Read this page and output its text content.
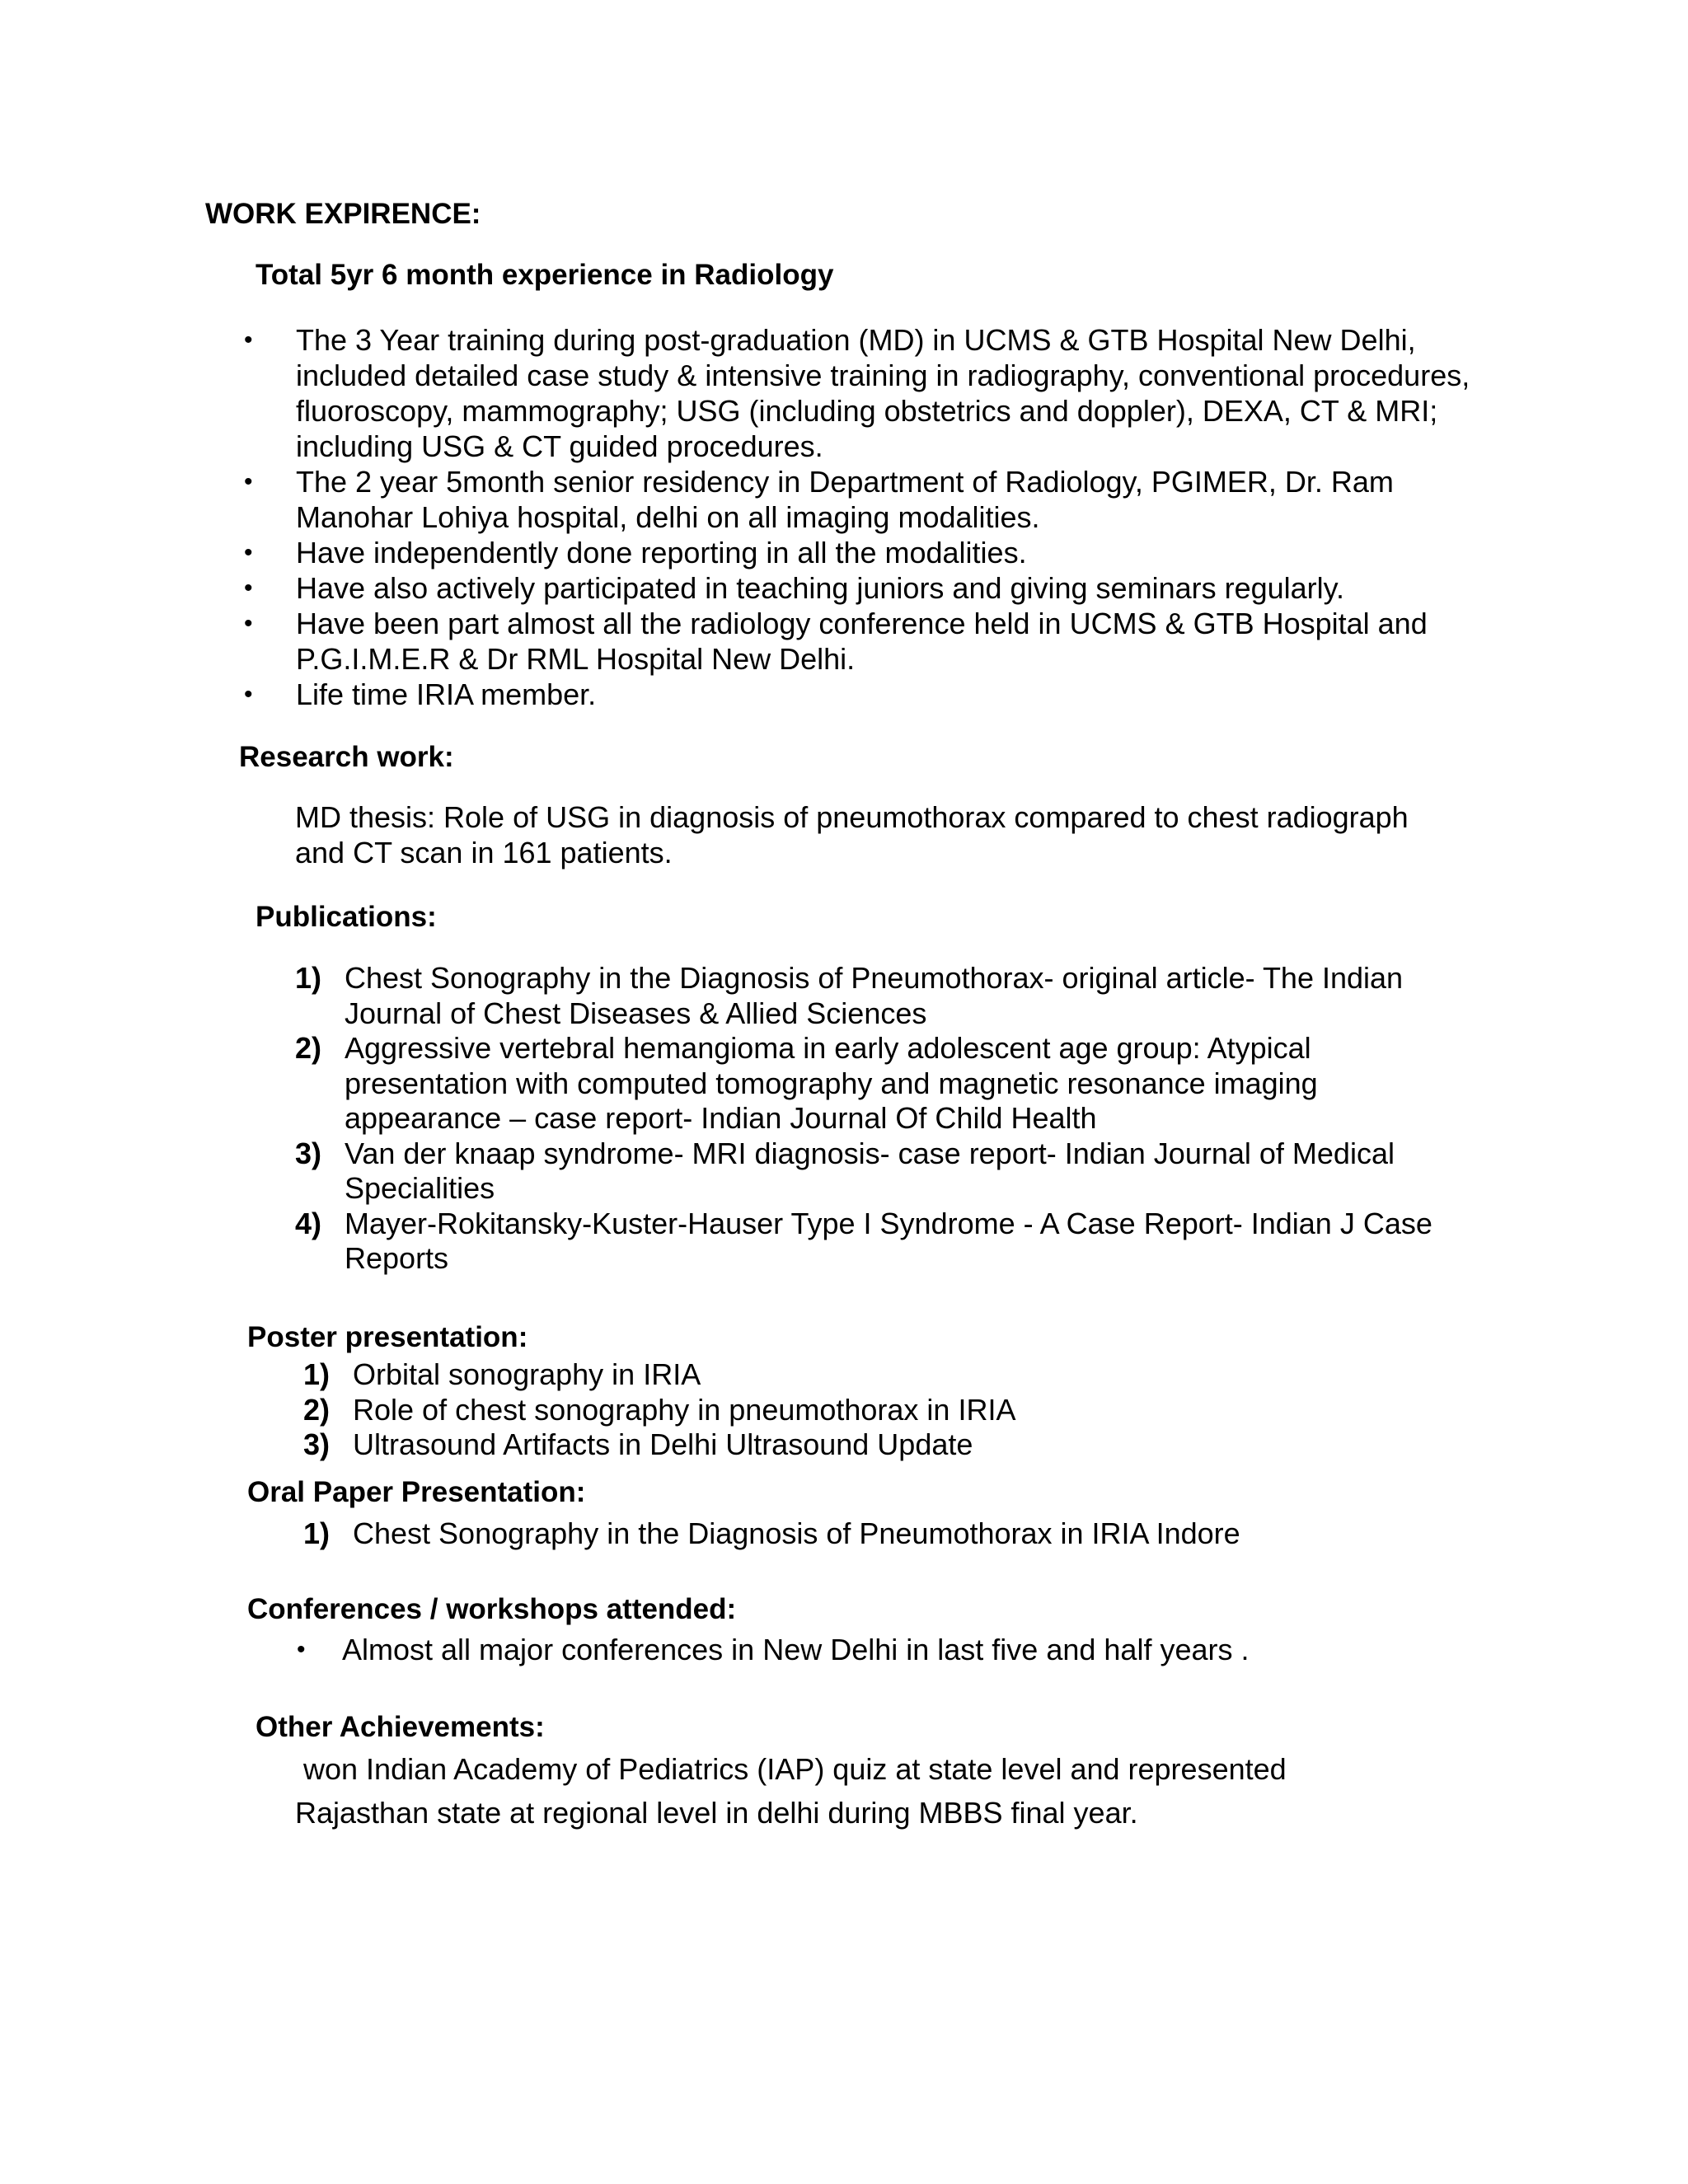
WORK EXPIRENCE:
Total 5yr 6 month experience in Radiology
•	The 3 Year training during post-graduation (MD) in UCMS & GTB Hospital New Delhi, included detailed case study & intensive training in radiography, conventional procedures, fluoroscopy, mammography; USG (including obstetrics and doppler), DEXA, CT & MRI; including USG & CT guided procedures.
•	The 2 year 5month senior residency in Department of Radiology, PGIMER, Dr. Ram Manohar Lohiya hospital, delhi on all imaging modalities.
•	Have independently done reporting in all the modalities.
•	Have also actively participated in teaching juniors and giving seminars regularly.
•	Have been part almost all the radiology conference held in UCMS & GTB Hospital and P.G.I.M.E.R & Dr RML Hospital New Delhi.
•	Life time IRIA member.
Research work:
MD thesis: Role of USG in diagnosis of pneumothorax compared to chest radiograph and CT scan in 161 patients.
Publications:
1) Chest Sonography in the Diagnosis of Pneumothorax- original article- The Indian Journal of Chest Diseases & Allied Sciences
2) Aggressive vertebral hemangioma in early adolescent age group: Atypical presentation with computed tomography and magnetic resonance imaging appearance – case report- Indian Journal Of Child Health
3) Van der knaap syndrome- MRI diagnosis- case report- Indian Journal of Medical Specialities
4) Mayer-Rokitansky-Kuster-Hauser Type I Syndrome - A Case Report- Indian J Case Reports
Poster presentation:
1) Orbital sonography in IRIA
2) Role of chest sonography in pneumothorax in IRIA
3) Ultrasound Artifacts in Delhi Ultrasound Update
Oral Paper Presentation:
1) Chest Sonography in the Diagnosis of Pneumothorax in IRIA Indore
Conferences / workshops attended:
•	Almost all major conferences in New Delhi in last five and half years .
Other Achievements:
won Indian Academy of Pediatrics (IAP) quiz at state level and represented
Rajasthan state at regional level in delhi during MBBS final year.
